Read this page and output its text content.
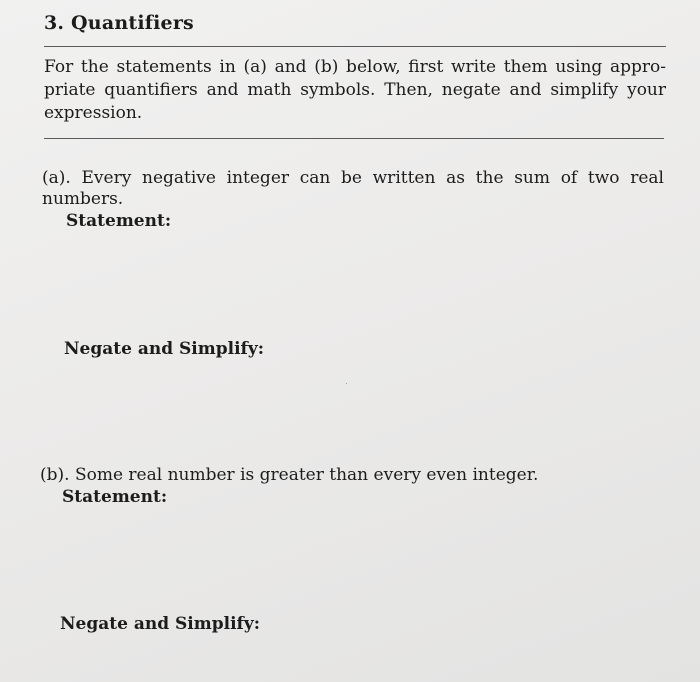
3. Quantifiers
For the statements in (a) and (b) below, first write them using appro-priate quantifiers and math symbols. Then, negate and simplify your expression.
(a). Every negative integer can be written as the sum of two real numbers.
Statement:
Negate and Simplify:
(b). Some real number is greater than every even integer.
Statement:
Negate and Simplify:
